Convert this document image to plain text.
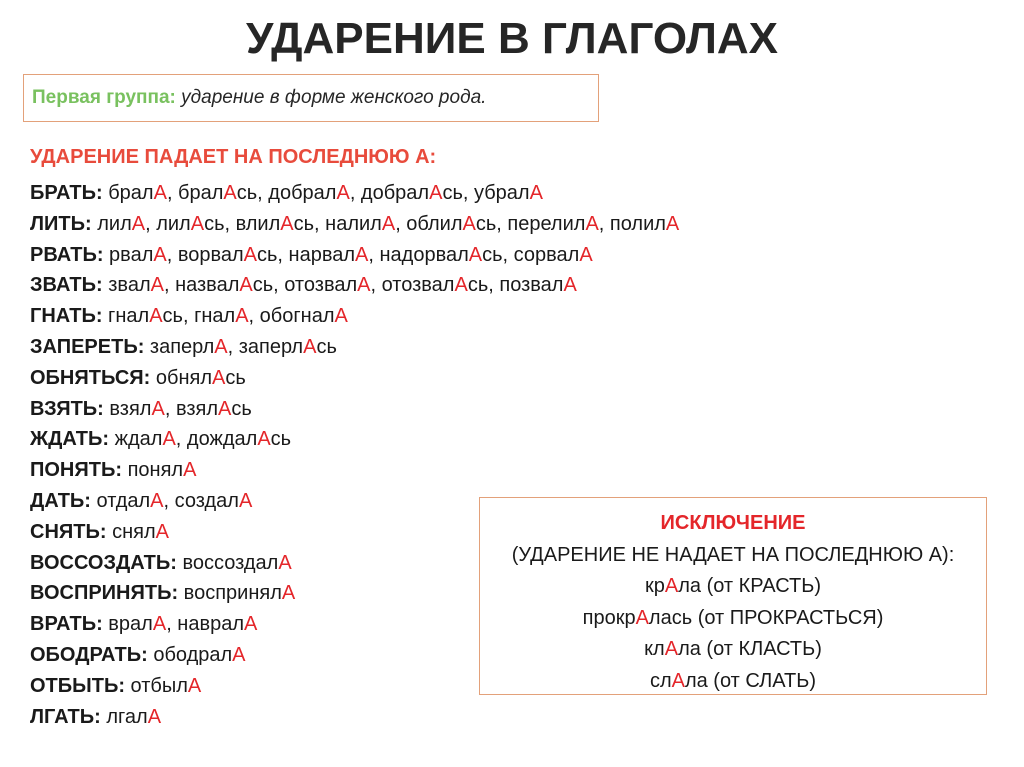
УДАРЕНИЕ В ГЛАГОЛАХ
Первая группа: ударение в форме женского рода.
УДАРЕНИЕ ПАДАЕТ НА ПОСЛЕДНЮЮ А:
БРАТЬ: бралА, бралАсь, добралА, добралАсь, убралА
ЛИТЬ: лилА, лилАсь, влилАсь, налилА, облилАсь, перелилА, полилА
РВАТЬ: рвалА, ворвалАсь, нарвалА, надорвалАсь, сорвалА
ЗВАТЬ: звалА, назвалАсь, отозвалА, отозвалАсь, позвалА
ГНАТЬ: гналАсь, гналА, обогналА
ЗАПЕРЕТЬ: заперлА, заперлАсь
ОБНЯТЬСЯ: обнялАсь
ВЗЯТЬ: взялА, взялАсь
ЖДАТЬ: ждалА, дождалАсь
ПОНЯТЬ: понялА
ДАТЬ: отдалА, создалА
СНЯТЬ: снялА
ВОССОЗДАТЬ: воссоздалА
ВОСПРИНЯТЬ: воспринялА
ВРАТЬ: вралА, навралА
ОБОДРАТЬ: ободралА
ОТБЫТЬ: отбылА
ЛГАТЬ: лгалА
ИСКЛЮЧЕНИЕ
(УДАРЕНИЕ НЕ НАДАЕТ НА ПОСЛЕДНЮЮ А):
крАла (от КРАСТЬ)
прокрАлась (от ПРОКРАСТЬСЯ)
клАла (от КЛАСТЬ)
слАла (от СЛАТЬ)
